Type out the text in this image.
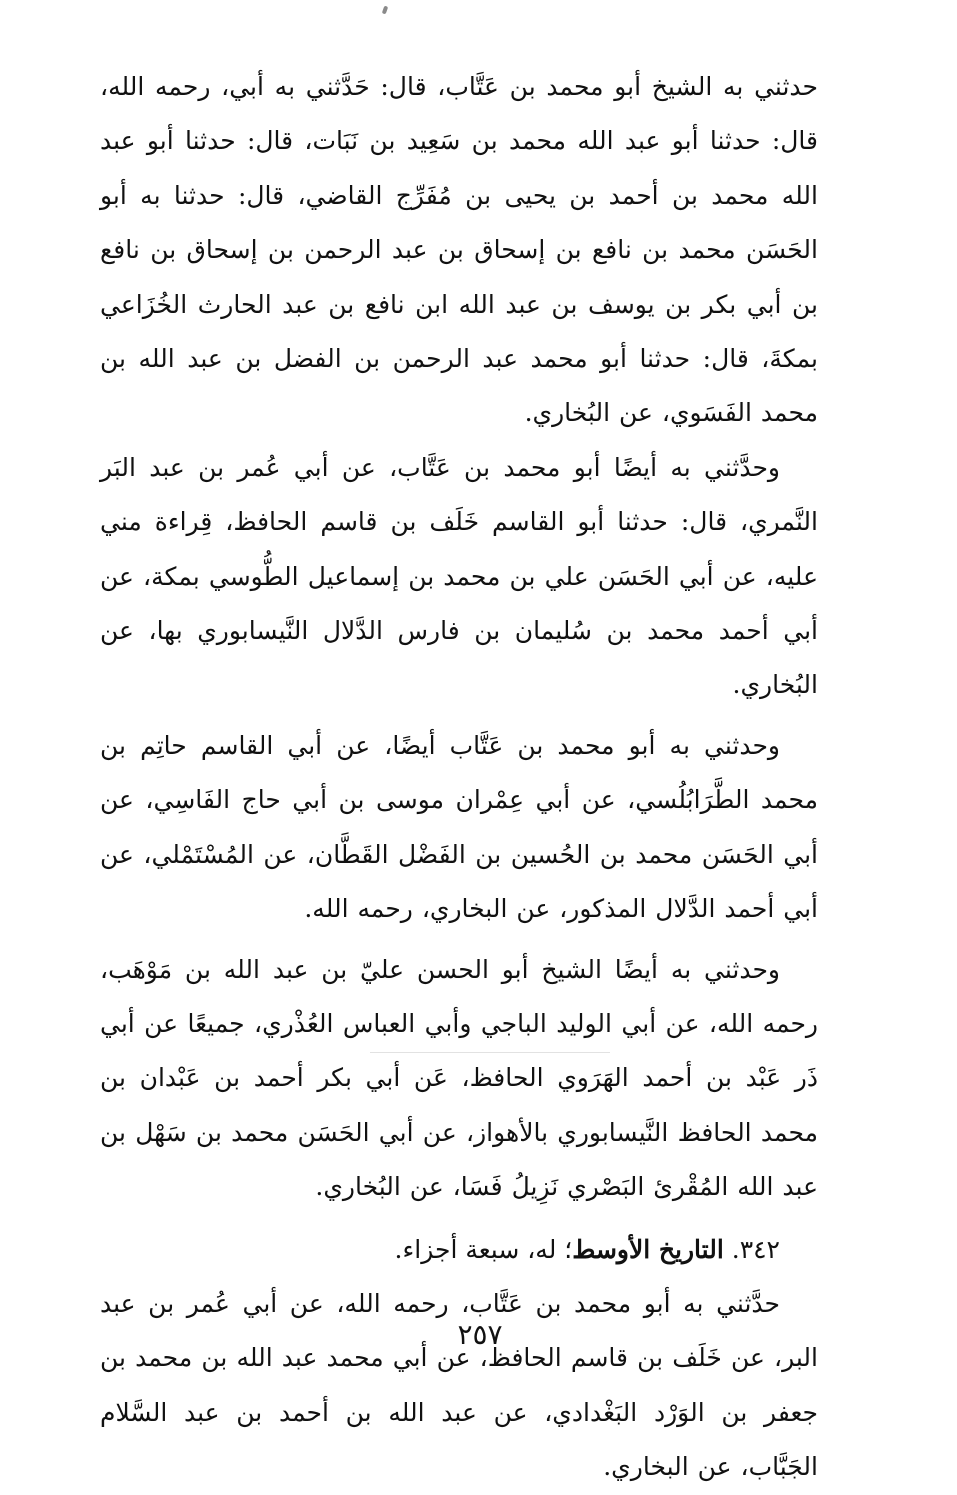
حدثني به الشيخ أبو محمد بن عَتَّاب، قال: حَدَّثني به أبي، رحمه الله، قال: حدثنا أبو عبد الله محمد بن سَعِيد بن نَبَات، قال: حدثنا أبو عبد الله محمد بن أحمد بن يحيى بن مُفَرِّج القاضي، قال: حدثنا به أبو الحَسَن محمد بن نافع بن إسحاق بن عبد الرحمن بن إسحاق بن نافع بن أبي بكر بن يوسف بن عبد الله ابن نافع بن عبد الحارث الخُزَاعي بمكةَ، قال: حدثنا أبو محمد عبد الرحمن بن الفضل بن عبد الله بن محمد الفَسَوي، عن البُخاري.

وحدَّثني به أيضًا أبو محمد بن عَتَّاب، عن أبي عُمر بن عبد البَر النَّمري، قال: حدثنا أبو القاسم خَلَف بن قاسم الحافظ، قِراءة مني عليه، عن أبي الحَسَن علي بن محمد بن إسماعيل الطُّوسي بمكة، عن أبي أحمد محمد بن سُليمان بن فارس الدَّلال النَّيسابوري بها، عن البُخاري.

وحدثني به أبو محمد بن عَتَّاب أيضًا، عن أبي القاسم حاتِم بن محمد الطَّرَابُلُسي، عن أبي عِمْران موسى بن أبي حاج الفَاسِي، عن أبي الحَسَن محمد بن الحُسين بن الفَضْل القَطَّان، عن المُسْتَمْلي، عن أبي أحمد الدَّلال المذكور، عن البخاري، رحمه الله.

وحدثني به أيضًا الشيخ أبو الحسن عليّ بن عبد الله بن مَوْهَب، رحمه الله، عن أبي الوليد الباجي وأبي العباس العُذْري، جميعًا عن أبي ذَر عَبْد بن أحمد الهَرَوي الحافظ، عَن أبي بكر أحمد بن عَبْدان بن محمد الحافظ النَّيسابوري بالأهواز، عن أبي الحَسَن محمد بن سَهْل بن عبد الله المُقْرئ البَصْري نَزِيلُ فَسَا، عن البُخاري.

٣٤٢. التاريخ الأوسط؛ له، سبعة أجزاء.

حدَّثني به أبو محمد بن عَتَّاب، رحمه الله، عن أبي عُمر بن عبد البر، عن خَلَف بن قاسم الحافظ، عن أبي محمد عبد الله بن محمد بن جعفر بن الوَرْد البَغْدادي، عن عبد الله بن أحمد بن عبد السَّلام الجَبَّاب، عن البخاري.

٢٥٧
